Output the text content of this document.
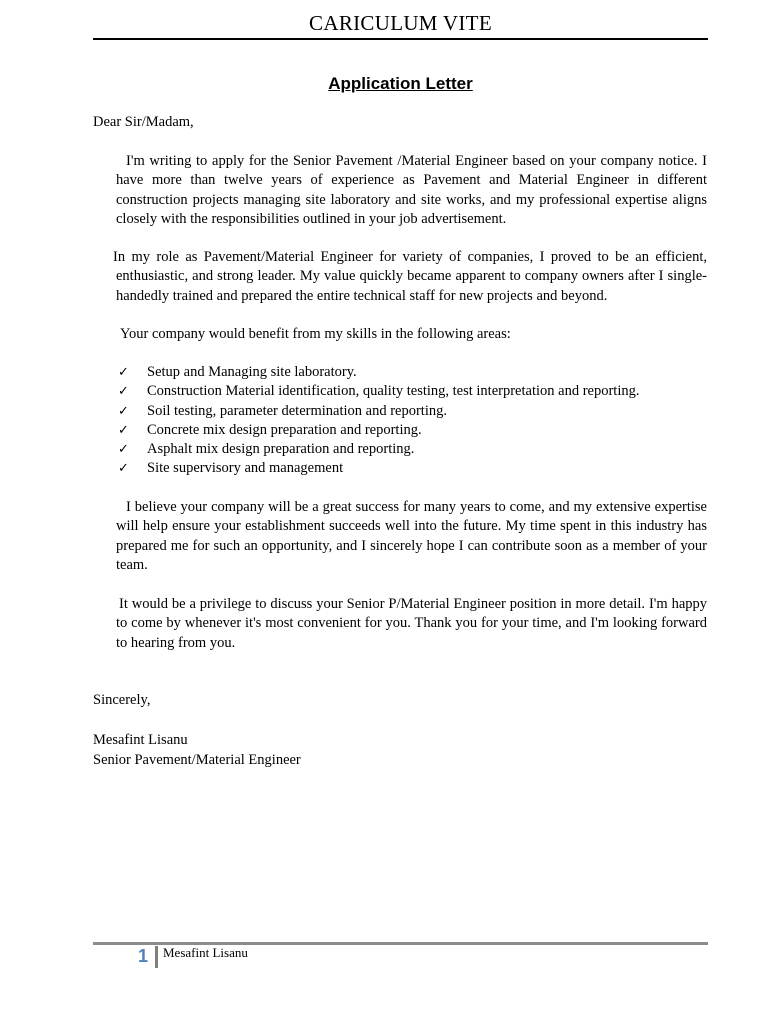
CARICULUM VITE
Application Letter
Dear Sir/Madam,
I'm writing to apply for the Senior Pavement /Material Engineer based on your company notice. I have more than twelve years of experience as Pavement and Material Engineer in different construction projects managing site laboratory and site works, and my professional expertise aligns closely with the responsibilities outlined in your job advertisement.
In my role as Pavement/Material Engineer for variety of companies, I proved to be an efficient, enthusiastic, and strong leader. My value quickly became apparent to company owners after I single-handedly trained and prepared the entire technical staff for new projects and beyond.
Your company would benefit from my skills in the following areas:
✓ Setup and Managing site laboratory.
✓ Construction Material identification, quality testing, test interpretation and reporting.
✓ Soil testing, parameter determination and reporting.
✓ Concrete mix design preparation and reporting.
✓ Asphalt mix design preparation and reporting.
✓ Site supervisory and management
I believe your company will be a great success for many years to come, and my extensive expertise will help ensure your establishment succeeds well into the future. My time spent in this industry has prepared me for such an opportunity, and I sincerely hope I can contribute soon as a member of your team.
It would be a privilege to discuss your Senior P/Material Engineer position in more detail. I'm happy to come by whenever it's most convenient for you. Thank you for your time, and I'm looking forward to hearing from you.
Sincerely,
Mesafint Lisanu
Senior Pavement/Material Engineer
1 Mesafint Lisanu
